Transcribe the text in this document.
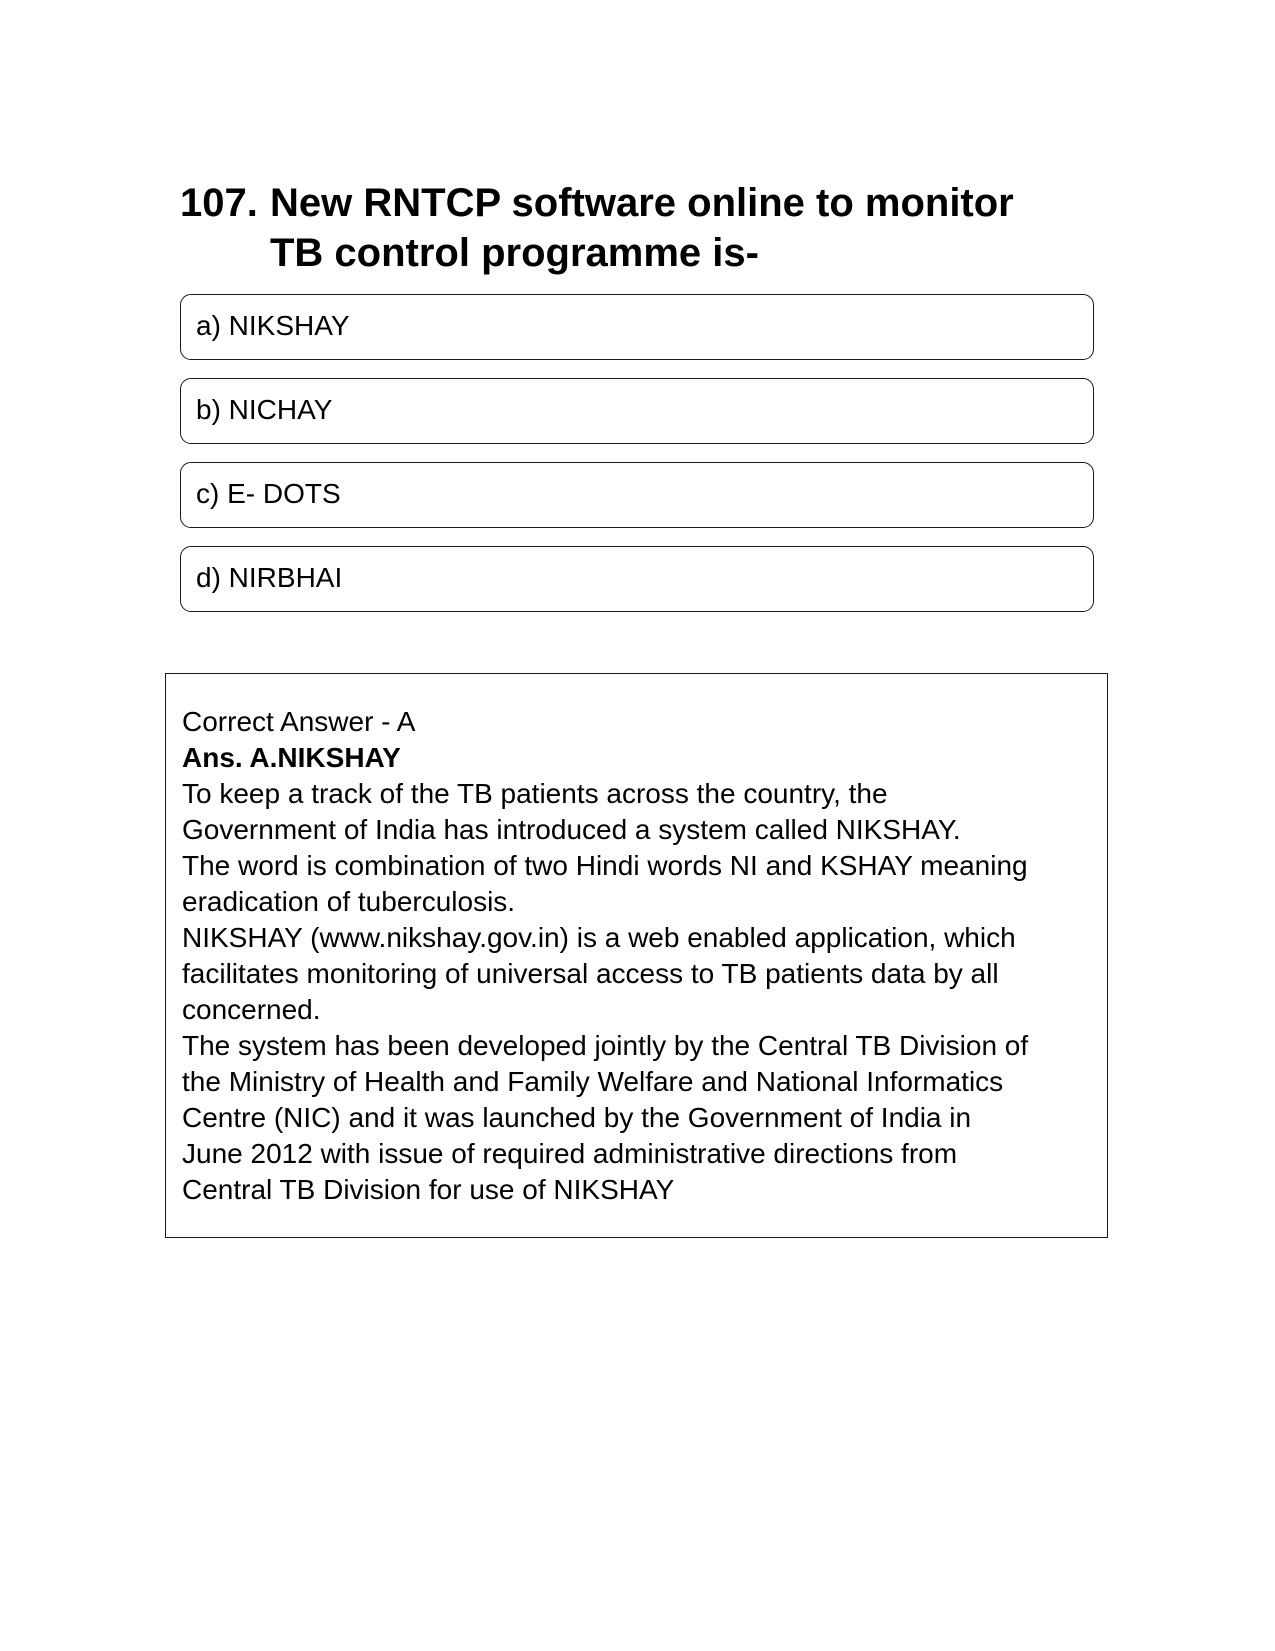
107. New RNTCP software online to monitor
TB control programme is-
a) NIKSHAY
b) NICHAY
c) E- DOTS
d) NIRBHAI
Correct Answer - A
Ans. A.NIKSHAY
To keep a track of the TB patients across the country, the
Government of India has introduced a system called NIKSHAY.
The word is combination of two Hindi words NI and KSHAY meaning
eradication of tuberculosis.
NIKSHAY (www.nikshay.gov.in) is a web enabled application, which
facilitates monitoring of universal access to TB patients data by all
concerned.
The system has been developed jointly by the Central TB Division of
the Ministry of Health and Family Welfare and National Informatics
Centre (NIC) and it was launched by the Government of India in
June 2012 with issue of required administrative directions from
Central TB Division for use of NIKSHAY
